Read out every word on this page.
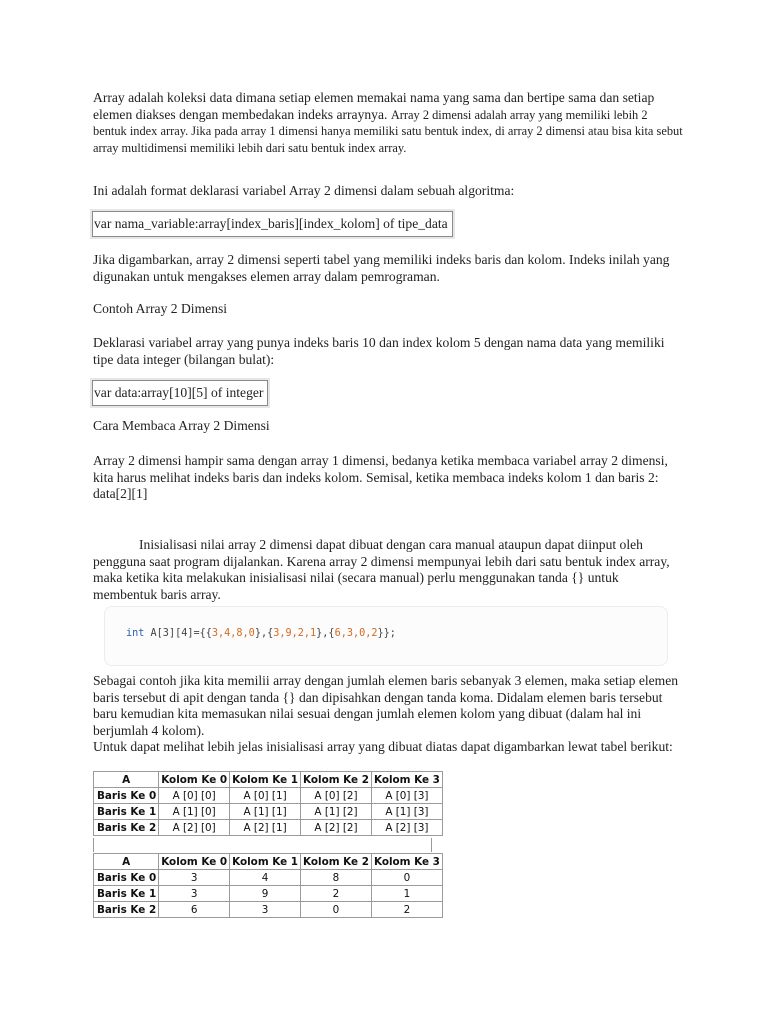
Array adalah koleksi data dimana setiap elemen memakai nama yang sama dan bertipe sama dan setiap elemen diakses dengan membedakan indeks arraynya. Array 2 dimensi adalah array yang memiliki lebih 2 bentuk index array. Jika pada array 1 dimensi hanya memiliki satu bentuk index, di array 2 dimensi atau bisa kita sebut array multidimensi memiliki lebih dari satu bentuk index array.

Ini adalah format deklarasi variabel Array 2 dimensi dalam sebuah algoritma:

var nama_variable:array[index_baris][index_kolom] of tipe_data

Jika digambarkan, array 2 dimensi seperti tabel yang memiliki indeks baris dan kolom. Indeks inilah yang digunakan untuk mengakses elemen array dalam pemrograman.

Contoh Array 2 Dimensi

Deklarasi variabel array yang punya indeks baris 10 dan index kolom 5 dengan nama data yang memiliki tipe data integer (bilangan bulat):

var data:array[10][5] of integer

Cara Membaca Array 2 Dimensi

Array 2 dimensi hampir sama dengan array 1 dimensi, bedanya ketika membaca variabel array 2 dimensi, kita harus melihat indeks baris dan indeks kolom. Semisal, ketika membaca indeks kolom 1 dan baris 2:
data[2][1]

Inisialisasi nilai array 2 dimensi dapat dibuat dengan cara manual ataupun dapat diinput oleh pengguna saat program dijalankan. Karena array 2 dimensi mempunyai lebih dari satu bentuk index array, maka ketika kita melakukan inisialisasi nilai (secara manual) perlu menggunakan tanda {} untuk membentuk baris array.

int A[3][4]={{3,4,8,0},{3,9,2,1},{6,3,0,2}};

Sebagai contoh jika kita memilii array dengan jumlah elemen baris sebanyak 3 elemen, maka setiap elemen baris tersebut di apit dengan tanda {} dan dipisahkan dengan tanda koma. Didalam elemen baris tersebut baru kemudian kita memasukan nilai sesuai dengan jumlah elemen kolom yang dibuat (dalam hal ini berjumlah 4 kolom).

Untuk dapat melihat lebih jelas inisialisasi array yang dibuat diatas dapat digambarkan lewat tabel berikut:

A	Kolom Ke 0	Kolom Ke 1	Kolom Ke 2	Kolom Ke 3
Baris Ke 0	A [0] [0]	A [0] [1]	A [0] [2]	A [0] [3]
Baris Ke 1	A [1] [0]	A [1] [1]	A [1] [2]	A [1] [3]
Baris Ke 2	A [2] [0]	A [2] [1]	A [2] [2]	A [2] [3]
A	Kolom Ke 0	Kolom Ke 1	Kolom Ke 2	Kolom Ke 3
Baris Ke 0	3	4	8	0
Baris Ke 1	3	9	2	1
Baris Ke 2	6	3	0	2
